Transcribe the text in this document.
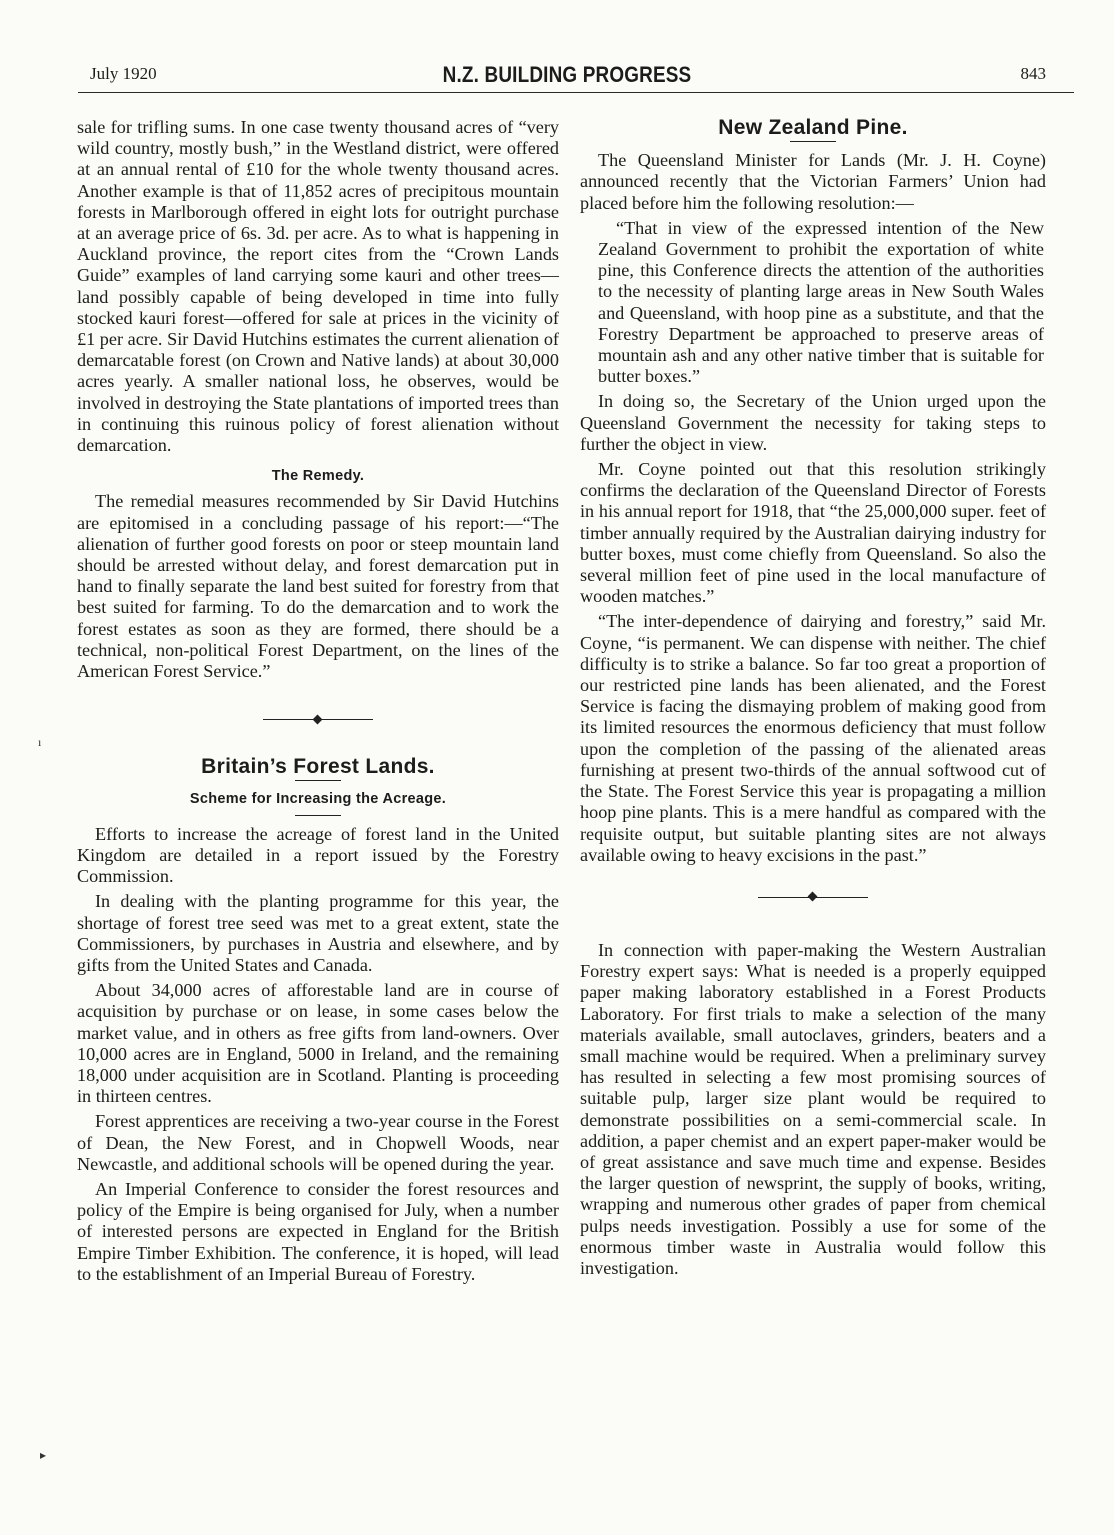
July 1920	N.Z. BUILDING PROGRESS	843
ı
▸

sale for trifling sums. In one case twenty thousand acres of “very wild country, mostly bush,” in the Westland district, were offered at an annual rental of £10 for the whole twenty thousand acres. Another example is that of 11,852 acres of precipitous mountain forests in Marlborough offered in eight lots for outright purchase at an average price of 6s. 3d. per acre. As to what is happening in Auckland province, the report cites from the “Crown Lands Guide” examples of land carrying some kauri and other trees—land possibly capable of being developed in time into fully stocked kauri forest—offered for sale at prices in the vicinity of £1 per acre. Sir David Hutchins estimates the current alienation of demarcatable forest (on Crown and Native lands) at about 30,000 acres yearly. A smaller national loss, he observes, would be involved in destroying the State plantations of imported trees than in continuing this ruinous policy of forest alienation without demarcation.

The Remedy.

The remedial measures recommended by Sir David Hutchins are epitomised in a concluding passage of his report:—“The alienation of further good forests on poor or steep mountain land should be arrested without delay, and forest demarcation put in hand to finally separate the land best suited for forestry from that best suited for farming. To do the demarcation and to work the forest estates as soon as they are formed, there should be a technical, non-political Forest Department, on the lines of the American Forest Service.”

Britain’s Forest Lands.
Scheme for Increasing the Acreage.

Efforts to increase the acreage of forest land in the United Kingdom are detailed in a report issued by the Forestry Commission.

In dealing with the planting programme for this year, the shortage of forest tree seed was met to a great extent, state the Commissioners, by purchases in Austria and elsewhere, and by gifts from the United States and Canada.

About 34,000 acres of afforestable land are in course of acquisition by purchase or on lease, in some cases below the market value, and in others as free gifts from land-owners. Over 10,000 acres are in England, 5000 in Ireland, and the remaining 18,000 under acquisition are in Scotland. Planting is proceeding in thirteen centres.

Forest apprentices are receiving a two-year course in the Forest of Dean, the New Forest, and in Chopwell Woods, near Newcastle, and additional schools will be opened during the year.

An Imperial Conference to consider the forest resources and policy of the Empire is being organised for July, when a number of interested persons are expected in England for the British Empire Timber Exhibition. The conference, it is hoped, will lead to the establishment of an Imperial Bureau of Forestry.

New Zealand Pine.

The Queensland Minister for Lands (Mr. J. H. Coyne) announced recently that the Victorian Farmers’ Union had placed before him the following resolution:—

“That in view of the expressed intention of the New Zealand Government to prohibit the exportation of white pine, this Conference directs the attention of the authorities to the necessity of planting large areas in New South Wales and Queensland, with hoop pine as a substitute, and that the Forestry Department be approached to preserve areas of mountain ash and any other native timber that is suitable for butter boxes.”

In doing so, the Secretary of the Union urged upon the Queensland Government the necessity for taking steps to further the object in view.

Mr. Coyne pointed out that this resolution strikingly confirms the declaration of the Queensland Director of Forests in his annual report for 1918, that “the 25,000,000 super. feet of timber annually required by the Australian dairying industry for butter boxes, must come chiefly from Queensland. So also the several million feet of pine used in the local manufacture of wooden matches.”

“The inter-dependence of dairying and forestry,” said Mr. Coyne, “is permanent. We can dispense with neither. The chief difficulty is to strike a balance. So far too great a proportion of our restricted pine lands has been alienated, and the Forest Service is facing the dismaying problem of making good from its limited resources the enormous deficiency that must follow upon the completion of the passing of the alienated areas furnishing at present two-thirds of the annual softwood cut of the State. The Forest Service this year is propagating a million hoop pine plants. This is a mere handful as compared with the requisite output, but suitable planting sites are not always available owing to heavy excisions in the past.”

In connection with paper-making the Western Australian Forestry expert says: What is needed is a properly equipped paper making laboratory established in a Forest Products Laboratory. For first trials to make a selection of the many materials available, small autoclaves, grinders, beaters and a small machine would be required. When a preliminary survey has resulted in selecting a few most promising sources of suitable pulp, larger size plant would be required to demonstrate possibilities on a semi-commercial scale. In addition, a paper chemist and an expert paper-maker would be of great assistance and save much time and expense. Besides the larger question of newsprint, the supply of books, writing, wrapping and numerous other grades of paper from chemical pulps needs investigation. Possibly a use for some of the enormous timber waste in Australia would follow this investigation.
